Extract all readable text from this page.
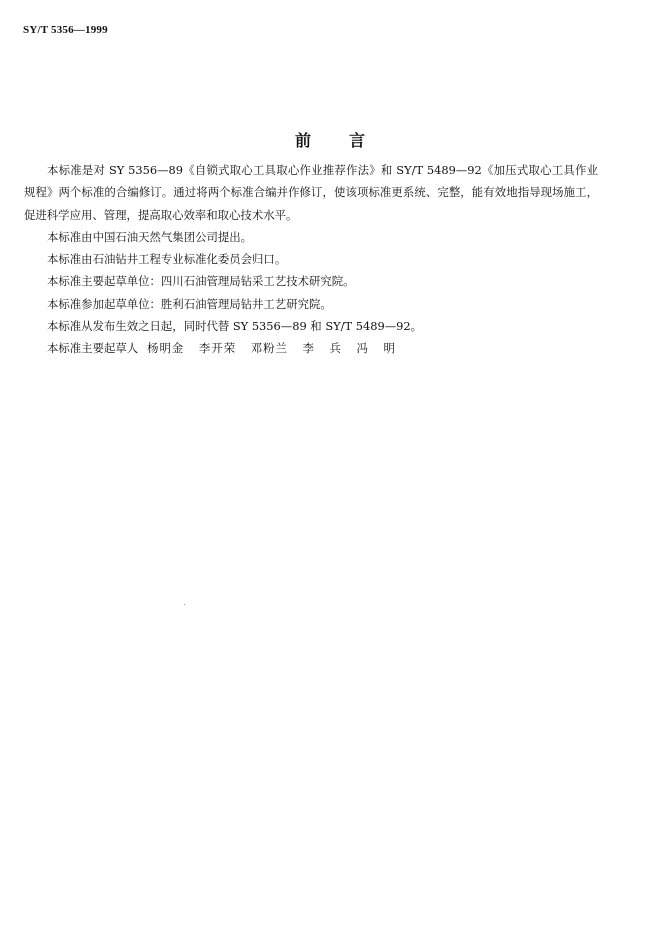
SY/T 5356—1999
前言

本标准是对 SY 5356—89《自锁式取心工具取心作业推荐作法》和 SY/T 5489—92《加压式取心工具作业规程》两个标准的合编修订。通过将两个标准合编并作修订，使该项标准更系统、完整，能有效地指导现场施工，促进科学应用、管理，提高取心效率和取心技术水平。

本标准由中国石油天然气集团公司提出。

本标准由石油钻井工程专业标准化委员会归口。

本标准主要起草单位：四川石油管理局钻采工艺技术研究院。

本标准参加起草单位：胜利石油管理局钻井工艺研究院。

本标准从发布生效之日起，同时代替 SY 5356—89 和 SY/T 5489—92。

本标准主要起草人 杨明金 李开荣 邓粉兰 李 兵 冯 明
